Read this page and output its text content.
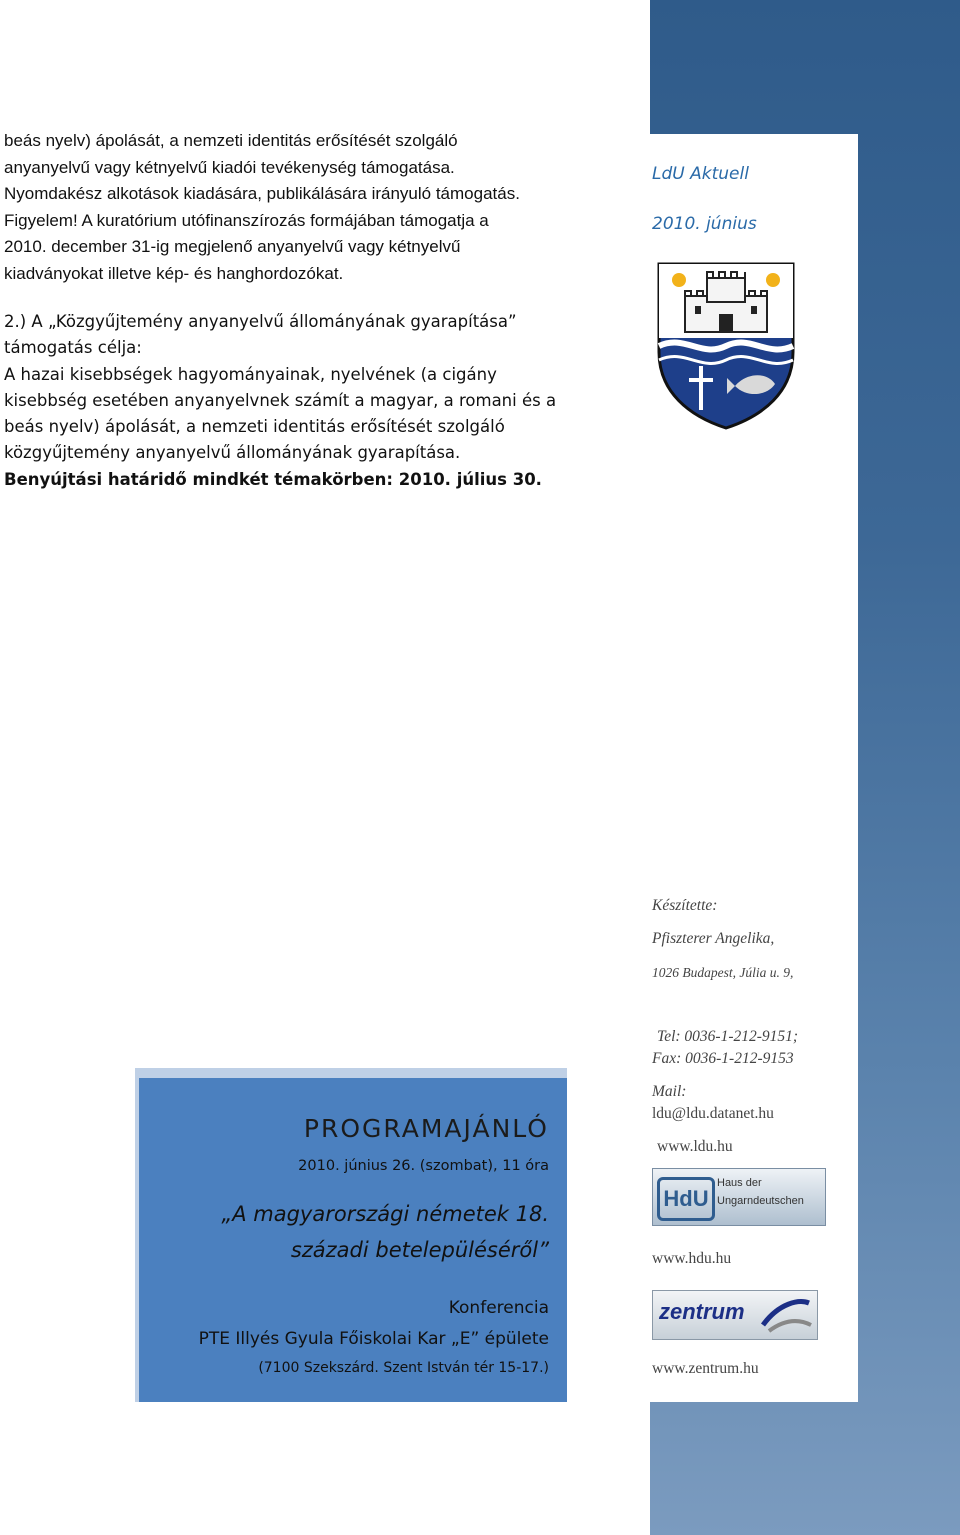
LdU Aktuell
2010. június

beás nyelv) ápolását, a nemzeti identitás erősítését szolgáló
anyanyelvű vagy kétnyelvű kiadói tevékenység támogatása.
Nyomdakész alkotások kiadására, publikálására irányuló támogatás.
Figyelem! A kuratórium utófinanszírozás formájában támogatja a
2010. december 31-ig megjelenő anyanyelvű vagy kétnyelvű
kiadványokat illetve kép- és hanghordozókat.

2.) A „Közgyűjtemény anyanyelvű állományának gyarapítása”
támogatás célja:
A hazai kisebbségek hagyományainak, nyelvének (a cigány
kisebbség esetében anyanyelvnek számít a magyar, a romani és a
beás nyelv) ápolását, a nemzeti identitás erősítését szolgáló
közgyűjtemény anyanyelvű állományának gyarapítása.
Benyújtási határidő mindkét témakörben: 2010. július 30.

Készítette:
Pfiszterer Angelika,
1026 Budapest, Júlia u. 9,
Tel: 0036-1-212-9151;
Fax: 0036-1-212-9153
Mail:
ldu@ldu.datanet.hu
www.ldu.hu
HdU
Haus der
Ungarndeutschen
www.hdu.hu
zentrum
www.zentrum.hu
PROGRAMAJÁNLÓ
2010. június 26. (szombat), 11 óra
„A magyarországi németek 18.
századi betelepüléséről”
Konferencia
PTE Illyés Gyula Főiskolai Kar „E” épülete
(7100 Szekszárd. Szent István tér 15-17.)
